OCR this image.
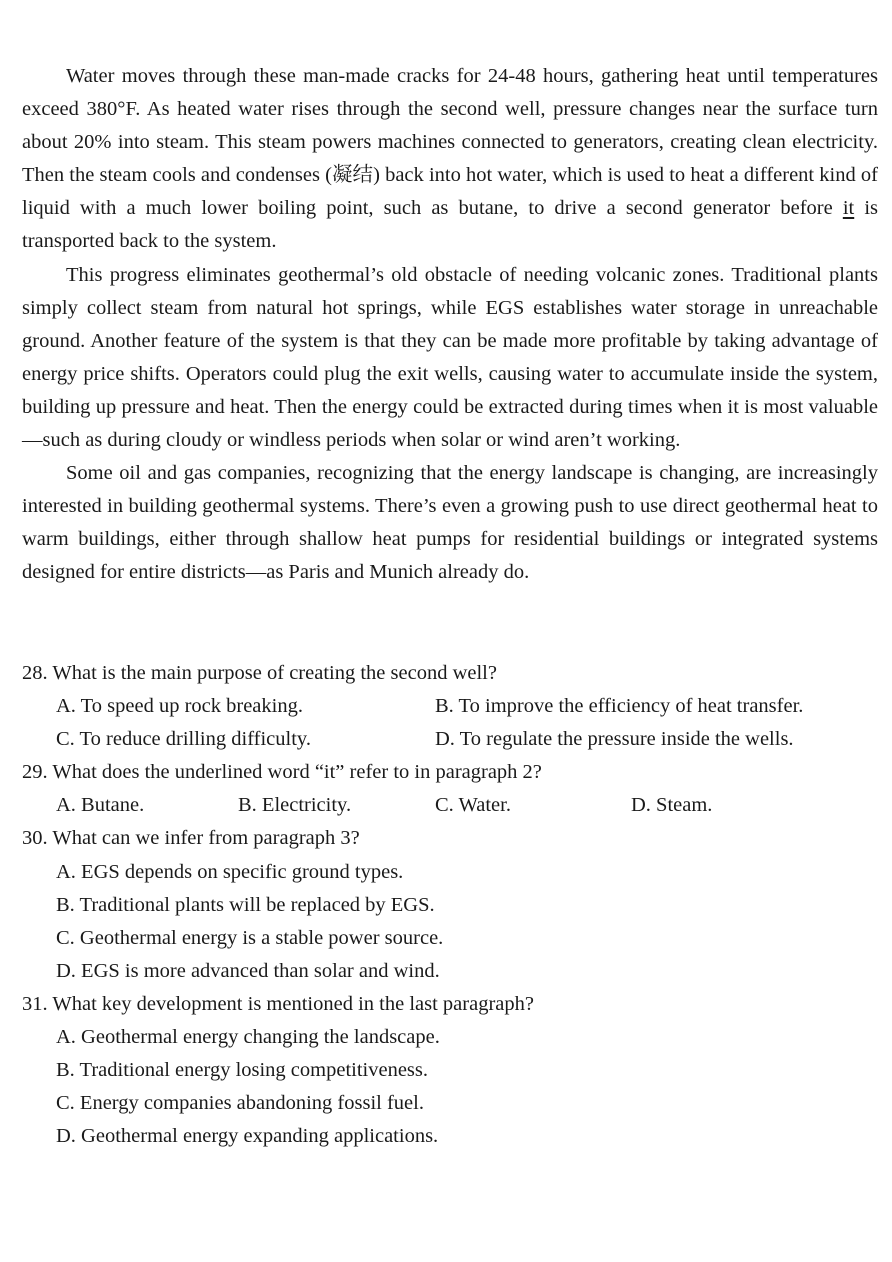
Water moves through these man-made cracks for 24-48 hours, gathering heat until temperatures exceed 380°F. As heated water rises through the second well, pressure changes near the surface turn about 20% into steam. This steam powers machines connected to generators, creating clean electricity. Then the steam cools and condenses (凝结) back into hot water, which is used to heat a different kind of liquid with a much lower boiling point, such as butane, to drive a second generator before it is transported back to the system.

This progress eliminates geothermal’s old obstacle of needing volcanic zones. Traditional plants simply collect steam from natural hot springs, while EGS establishes water storage in unreachable ground. Another feature of the system is that they can be made more profitable by taking advantage of energy price shifts. Operators could plug the exit wells, causing water to accumulate inside the system, building up pressure and heat. Then the energy could be extracted during times when it is most valuable—such as during cloudy or windless periods when solar or wind aren’t working.

Some oil and gas companies, recognizing that the energy landscape is changing, are increasingly interested in building geothermal systems. There’s even a growing push to use direct geothermal heat to warm buildings, either through shallow heat pumps for residential buildings or integrated systems designed for entire districts—as Paris and Munich already do.

28. What is the main purpose of creating the second well?
A. To speed up rock breaking.	B. To improve the efficiency of heat transfer.
C. To reduce drilling difficulty.	D. To regulate the pressure inside the wells.
29. What does the underlined word “it” refer to in paragraph 2?
A. Butane.	B. Electricity.	C. Water.	D. Steam.
30. What can we infer from paragraph 3?
A. EGS depends on specific ground types.
B. Traditional plants will be replaced by EGS.
C. Geothermal energy is a stable power source.
D. EGS is more advanced than solar and wind.
31. What key development is mentioned in the last paragraph?
A. Geothermal energy changing the landscape.
B. Traditional energy losing competitiveness.
C. Energy companies abandoning fossil fuel.
D. Geothermal energy expanding applications.
